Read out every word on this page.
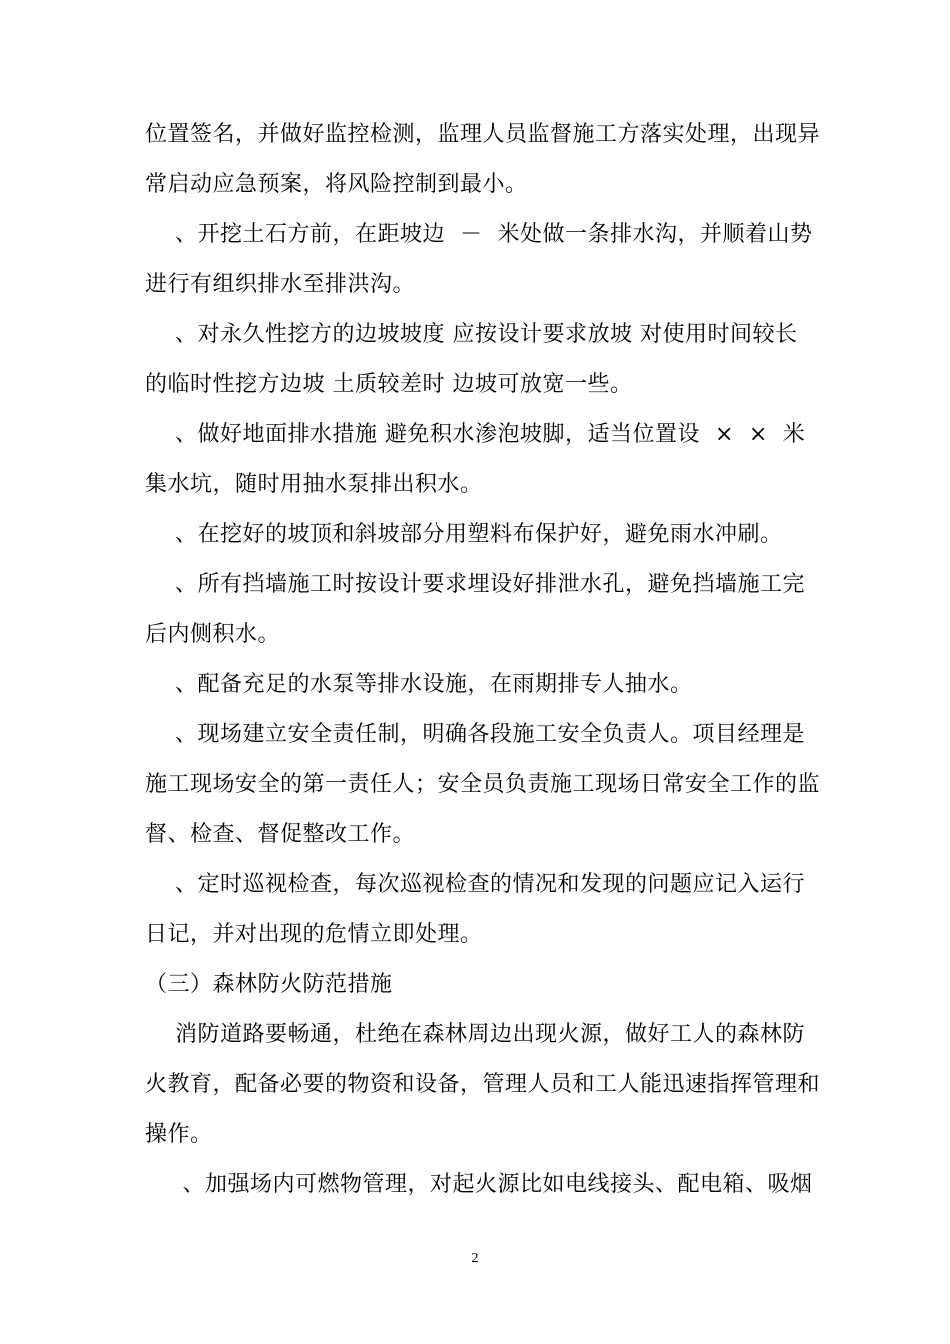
位置签名，并做好监控检测，监理人员监督施工方落实处理，出现异
常启动应急预案，将风险控制到最小。
、开挖土石方前，在距坡边  －  米处做一条排水沟，并顺着山势
进行有组织排水至排洪沟。
、对永久性挖方的边坡坡度 应按设计要求放坡 对使用时间较长
的临时性挖方边坡 土质较差时 边坡可放宽一些。
、做好地面排水措施 避免积水渗泡坡脚，适当位置设  ×  ×  米
集水坑，随时用抽水泵排出积水。
、在挖好的坡顶和斜坡部分用塑料布保护好，避免雨水冲刷。
、所有挡墙施工时按设计要求埋设好排泄水孔，避免挡墙施工完
后内侧积水。
、配备充足的水泵等排水设施，在雨期排专人抽水。
、现场建立安全责任制，明确各段施工安全负责人。项目经理是
施工现场安全的第一责任人；安全员负责施工现场日常安全工作的监
督、检查、督促整改工作。
、定时巡视检查，每次巡视检查的情况和发现的问题应记入运行
日记，并对出现的危情立即处理。
（三）森林防火防范措施
消防道路要畅通，杜绝在森林周边出现火源，做好工人的森林防
火教育，配备必要的物资和设备，管理人员和工人能迅速指挥管理和
操作。
、加强场内可燃物管理，对起火源比如电线接头、配电箱、吸烟
2
